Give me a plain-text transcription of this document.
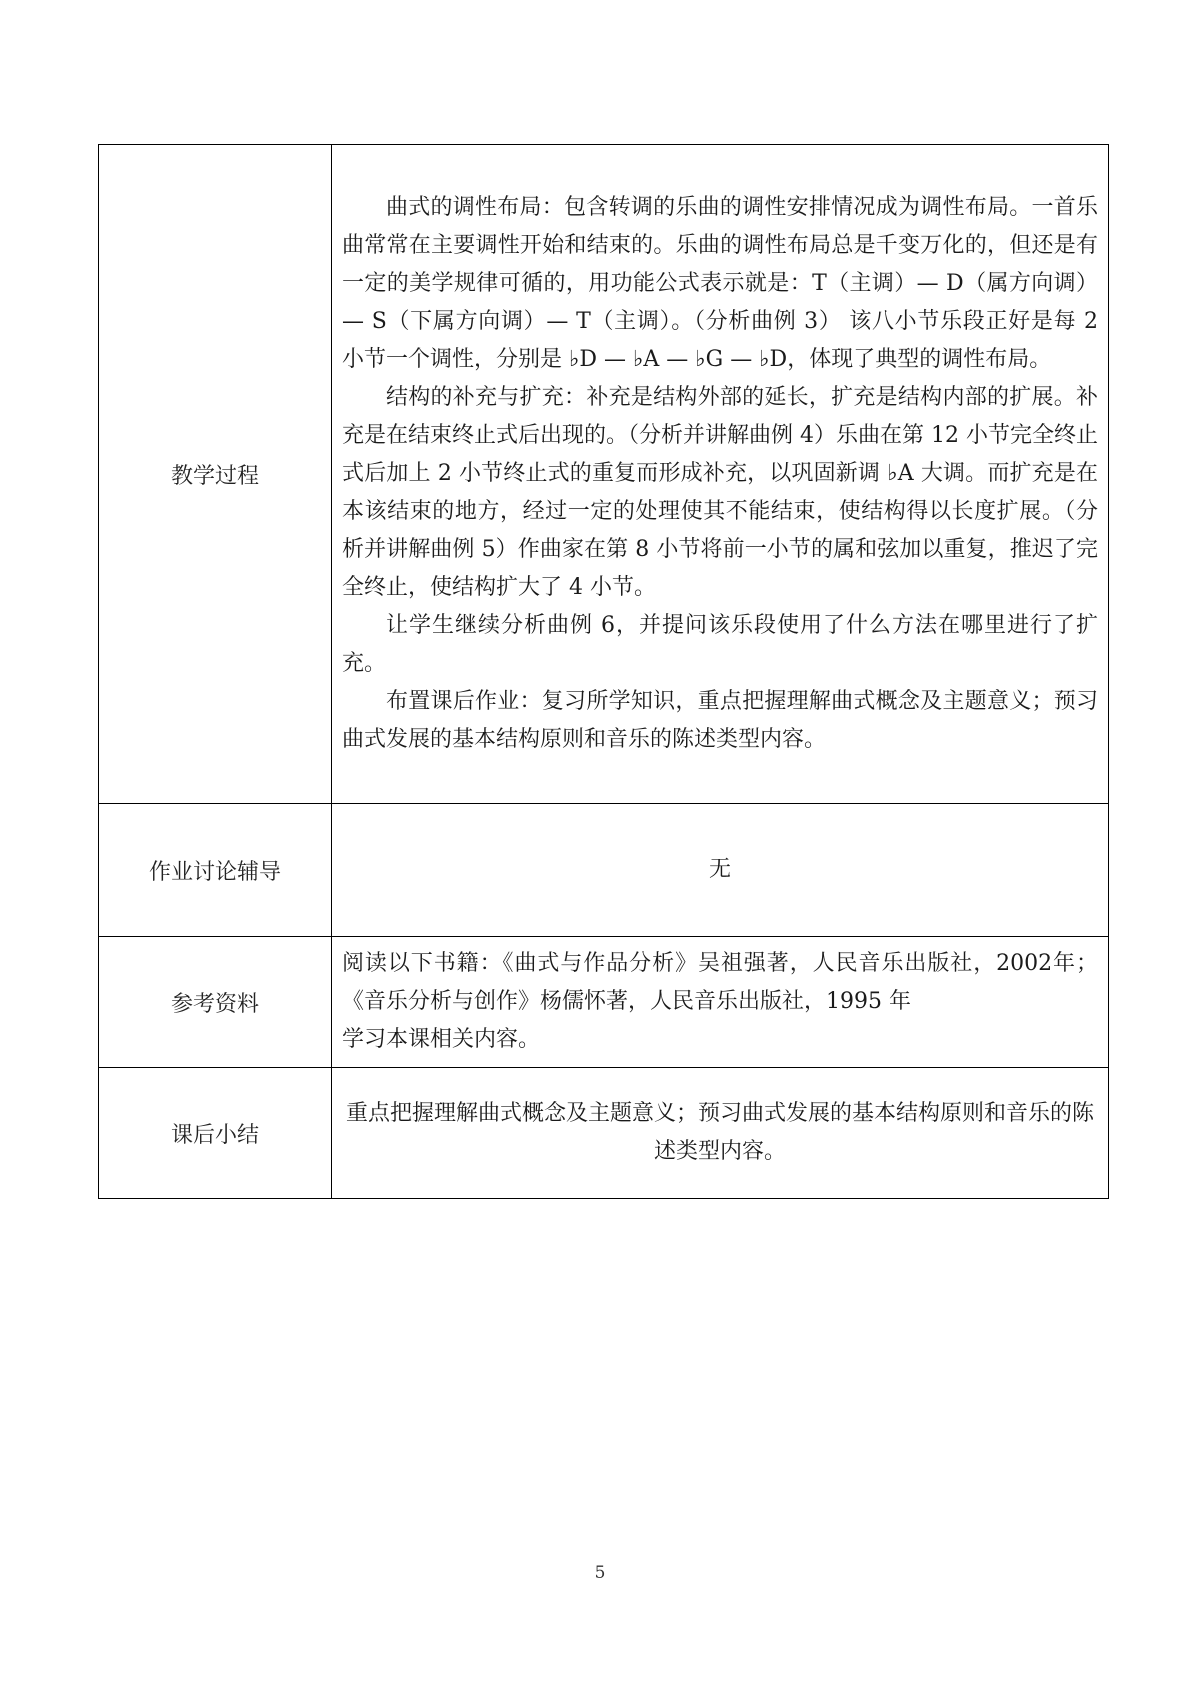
教学过程	曲式的调性布局：包含转调的乐曲的调性安排情况成为调性布局。一首乐曲常常在主要调性开始和结束的。乐曲的调性布局总是千变万化的，但还是有一定的美学规律可循的，用功能公式表示就是：T（主调）— D（属方向调）— S（下属方向调）— T（主调）。（分析曲例 3） 该八小节乐段正好是每 2 小节一个调性，分别是 ♭D — ♭A — ♭G — ♭D，体现了典型的调性布局。

结构的补充与扩充：补充是结构外部的延长，扩充是结构内部的扩展。补充是在结束终止式后出现的。（分析并讲解曲例 4）乐曲在第 12 小节完全终止式后加上 2 小节终止式的重复而形成补充，以巩固新调 ♭A 大调。而扩充是在本该结束的地方，经过一定的处理使其不能结束，使结构得以长度扩展。（分析并讲解曲例 5）作曲家在第 8 小节将前一小节的属和弦加以重复，推迟了完全终止，使结构扩大了 4 小节。

让学生继续分析曲例 6，并提问该乐段使用了什么方法在哪里进行了扩充。

布置课后作业：复习所学知识，重点把握理解曲式概念及主题意义；预习曲式发展的基本结构原则和音乐的陈述类型内容。

作业讨论辅导	无
参考资料	阅读以下书籍：《曲式与作品分析》吴祖强著，人民音乐出版社，2002年；《音乐分析与创作》杨儒怀著，人民音乐出版社，1995 年

学习本课相关内容。

课后小结	重点把握理解曲式概念及主题意义；预习曲式发展的基本结构原则和音乐的陈述类型内容。
5
